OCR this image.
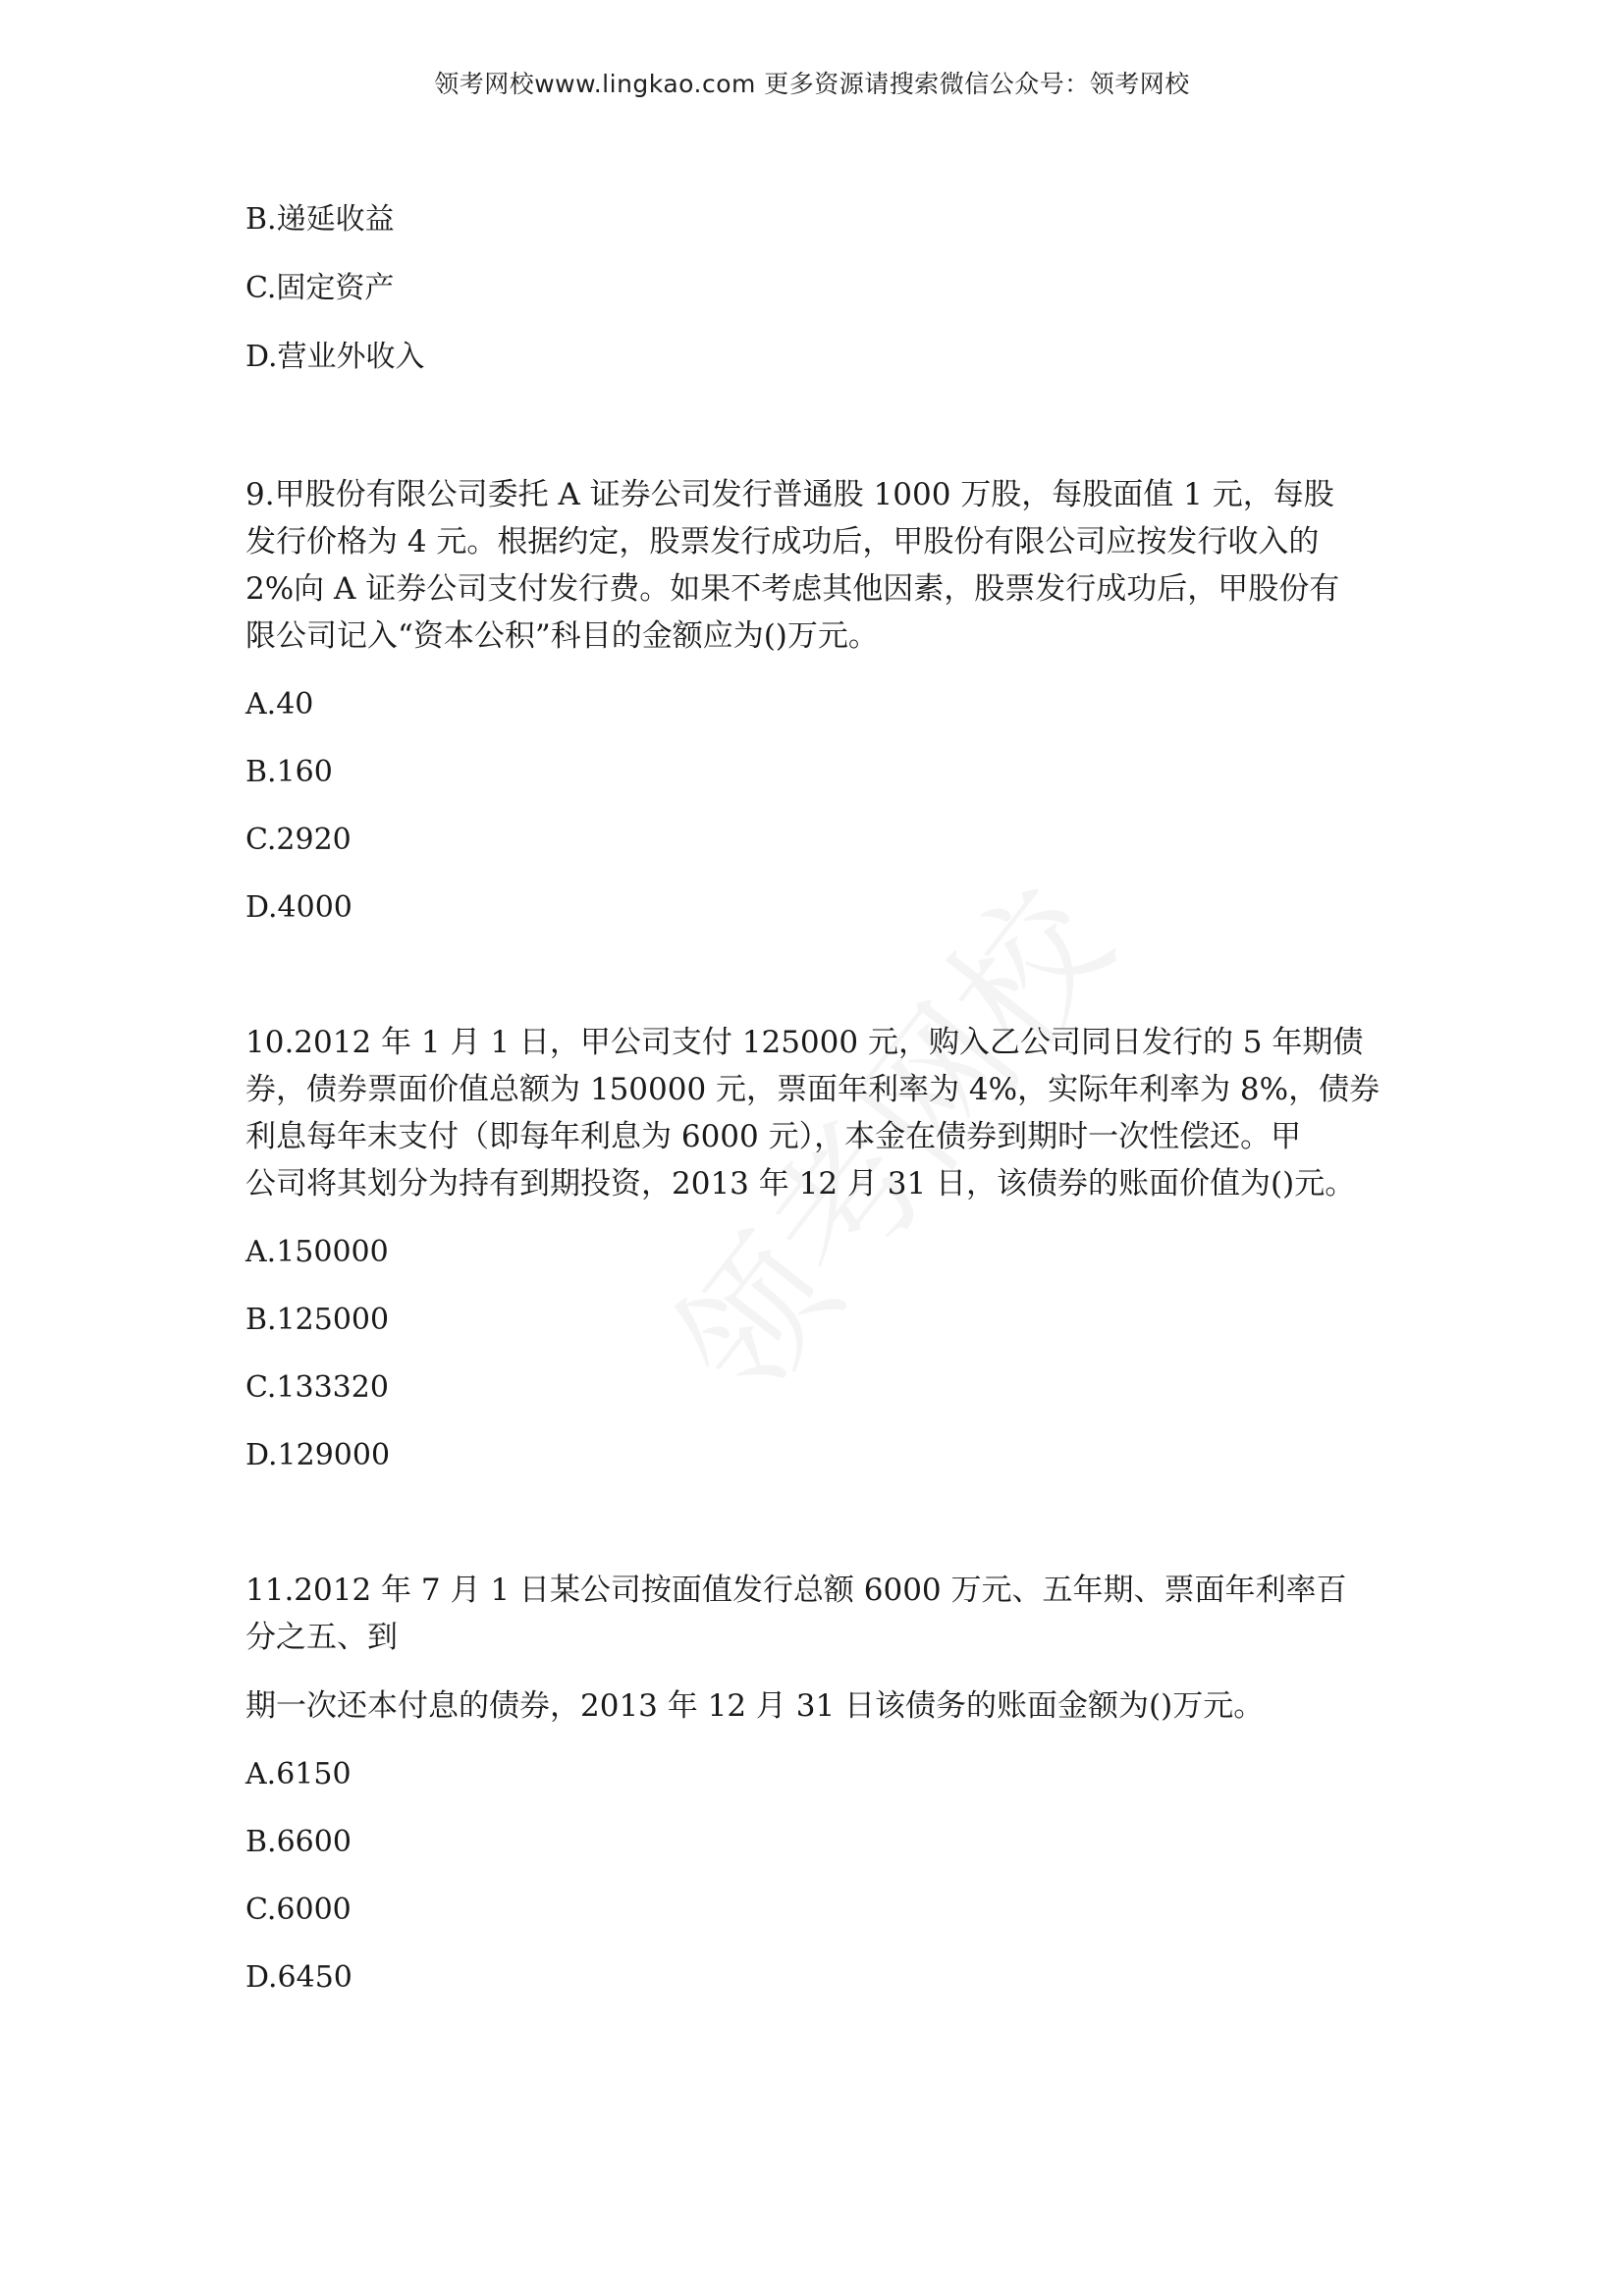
领考网校www.lingkao.com 更多资源请搜索微信公众号：领考网校
B.递延收益
C.固定资产
D.营业外收入
9.甲股份有限公司委托 A 证券公司发行普通股 1000 万股，每股面值 1 元，每股
发行价格为 4 元。根据约定，股票发行成功后，甲股份有限公司应按发行收入的
2%向 A 证券公司支付发行费。如果不考虑其他因素，股票发行成功后，甲股份有
限公司记入“资本公积”科目的金额应为()万元。
A.40
B.160
C.2920
D.4000
10.2012 年 1 月 1 日，甲公司支付 125000 元，购入乙公司同日发行的 5 年期债
券，债券票面价值总额为 150000 元，票面年利率为 4%，实际年利率为 8%，债券
利息每年末支付（即每年利息为 6000 元），本金在债券到期时一次性偿还。甲
公司将其划分为持有到期投资，2013 年 12 月 31 日，该债券的账面价值为()元。
A.150000
B.125000
C.133320
D.129000
11.2012 年 7 月 1 日某公司按面值发行总额 6000 万元、五年期、票面年利率百
分之五、到
期一次还本付息的债券，2013 年 12 月 31 日该债务的账面金额为()万元。
A.6150
B.6600
C.6000
D.6450
